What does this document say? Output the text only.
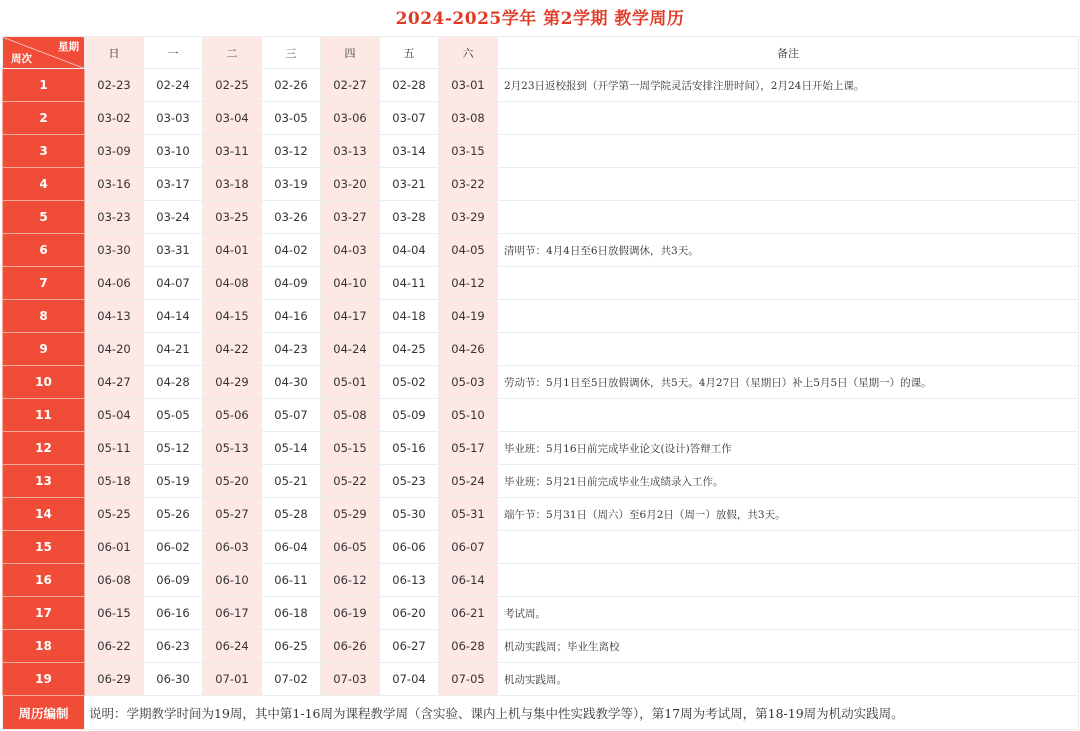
2024-2025学年 第2学期 教学周历
星期
周次	日	一	二	三	四	五	六	备注
1	02-23	02-24	02-25	02-26	02-27	02-28	03-01	2月23日返校报到（开学第一周学院灵活安排注册时间），2月24日开始上课。
2	03-02	03-03	03-04	03-05	03-06	03-07	03-08	
3	03-09	03-10	03-11	03-12	03-13	03-14	03-15	
4	03-16	03-17	03-18	03-19	03-20	03-21	03-22	
5	03-23	03-24	03-25	03-26	03-27	03-28	03-29	
6	03-30	03-31	04-01	04-02	04-03	04-04	04-05	清明节：4月4日至6日放假调休，共3天。
7	04-06	04-07	04-08	04-09	04-10	04-11	04-12	
8	04-13	04-14	04-15	04-16	04-17	04-18	04-19	
9	04-20	04-21	04-22	04-23	04-24	04-25	04-26	
10	04-27	04-28	04-29	04-30	05-01	05-02	05-03	劳动节：5月1日至5日放假调休，共5天。4月27日（星期日）补上5月5日（星期一）的课。
11	05-04	05-05	05-06	05-07	05-08	05-09	05-10	
12	05-11	05-12	05-13	05-14	05-15	05-16	05-17	毕业班：5月16日前完成毕业论文(设计)答辩工作
13	05-18	05-19	05-20	05-21	05-22	05-23	05-24	毕业班：5月21日前完成毕业生成绩录入工作。
14	05-25	05-26	05-27	05-28	05-29	05-30	05-31	端午节：5月31日（周六）至6月2日（周一）放假，共3天。
15	06-01	06-02	06-03	06-04	06-05	06-06	06-07	
16	06-08	06-09	06-10	06-11	06-12	06-13	06-14	
17	06-15	06-16	06-17	06-18	06-19	06-20	06-21	考试周。
18	06-22	06-23	06-24	06-25	06-26	06-27	06-28	机动实践周；毕业生离校
19	06-29	06-30	07-01	07-02	07-03	07-04	07-05	机动实践周。
周历编制	说明：学期教学时间为19周，其中第1-16周为课程教学周（含实验、课内上机与集中性实践教学等），第17周为考试周，第18-19周为机动实践周。							
